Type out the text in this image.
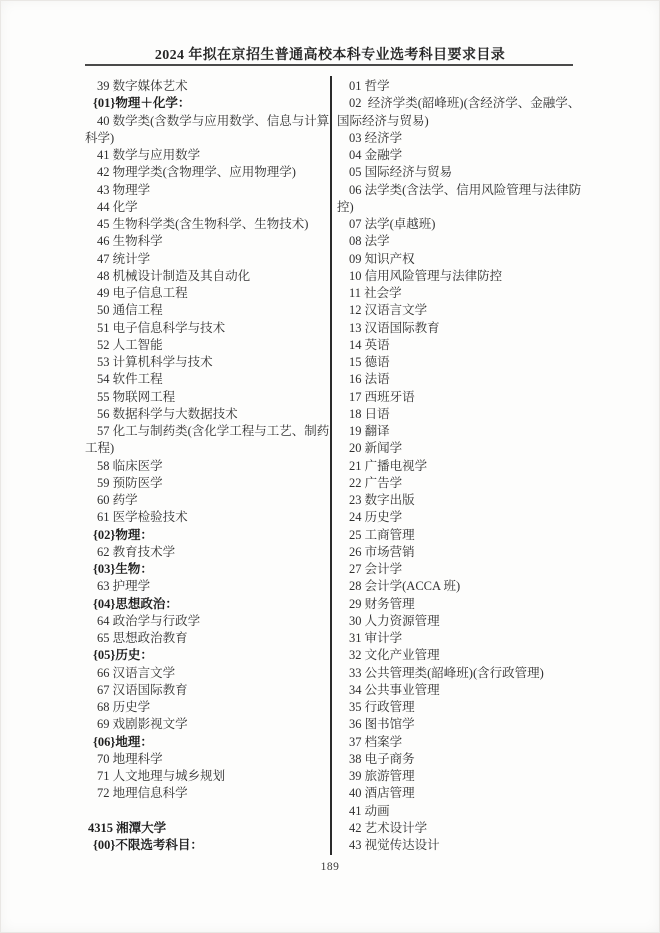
2024 年拟在京招生普通高校本科专业选考科目要求目录
39 数字媒体艺术
{01}物理＋化学：
40 数学类(含数学与应用数学、信息与计算
科学)
41 数学与应用数学
42 物理学类(含物理学、应用物理学)
43 物理学
44 化学
45 生物科学类(含生物科学、生物技术)
46 生物科学
47 统计学
48 机械设计制造及其自动化
49 电子信息工程
50 通信工程
51 电子信息科学与技术
52 人工智能
53 计算机科学与技术
54 软件工程
55 物联网工程
56 数据科学与大数据技术
57 化工与制药类(含化学工程与工艺、制药
工程)
58 临床医学
59 预防医学
60 药学
61 医学检验技术
{02}物理：
62 教育技术学
{03}生物：
63 护理学
{04}思想政治：
64 政治学与行政学
65 思想政治教育
{05}历史：
66 汉语言文学
67 汉语国际教育
68 历史学
69 戏剧影视文学
{06}地理：
70 地理科学
71 人文地理与城乡规划
72 地理信息科学
4315 湘潭大学
{00}不限选考科目：
01 哲学
02  经济学类(韶峰班)(含经济学、金融学、
国际经济与贸易)
03 经济学
04 金融学
05 国际经济与贸易
06 法学类(含法学、信用风险管理与法律防
控)
07 法学(卓越班)
08 法学
09 知识产权
10 信用风险管理与法律防控
11 社会学
12 汉语言文学
13 汉语国际教育
14 英语
15 德语
16 法语
17 西班牙语
18 日语
19 翻译
20 新闻学
21 广播电视学
22 广告学
23 数字出版
24 历史学
25 工商管理
26 市场营销
27 会计学
28 会计学(ACCA 班)
29 财务管理
30 人力资源管理
31 审计学
32 文化产业管理
33 公共管理类(韶峰班)(含行政管理)
34 公共事业管理
35 行政管理
36 图书馆学
37 档案学
38 电子商务
39 旅游管理
40 酒店管理
41 动画
42 艺术设计学
43 视觉传达设计
189
